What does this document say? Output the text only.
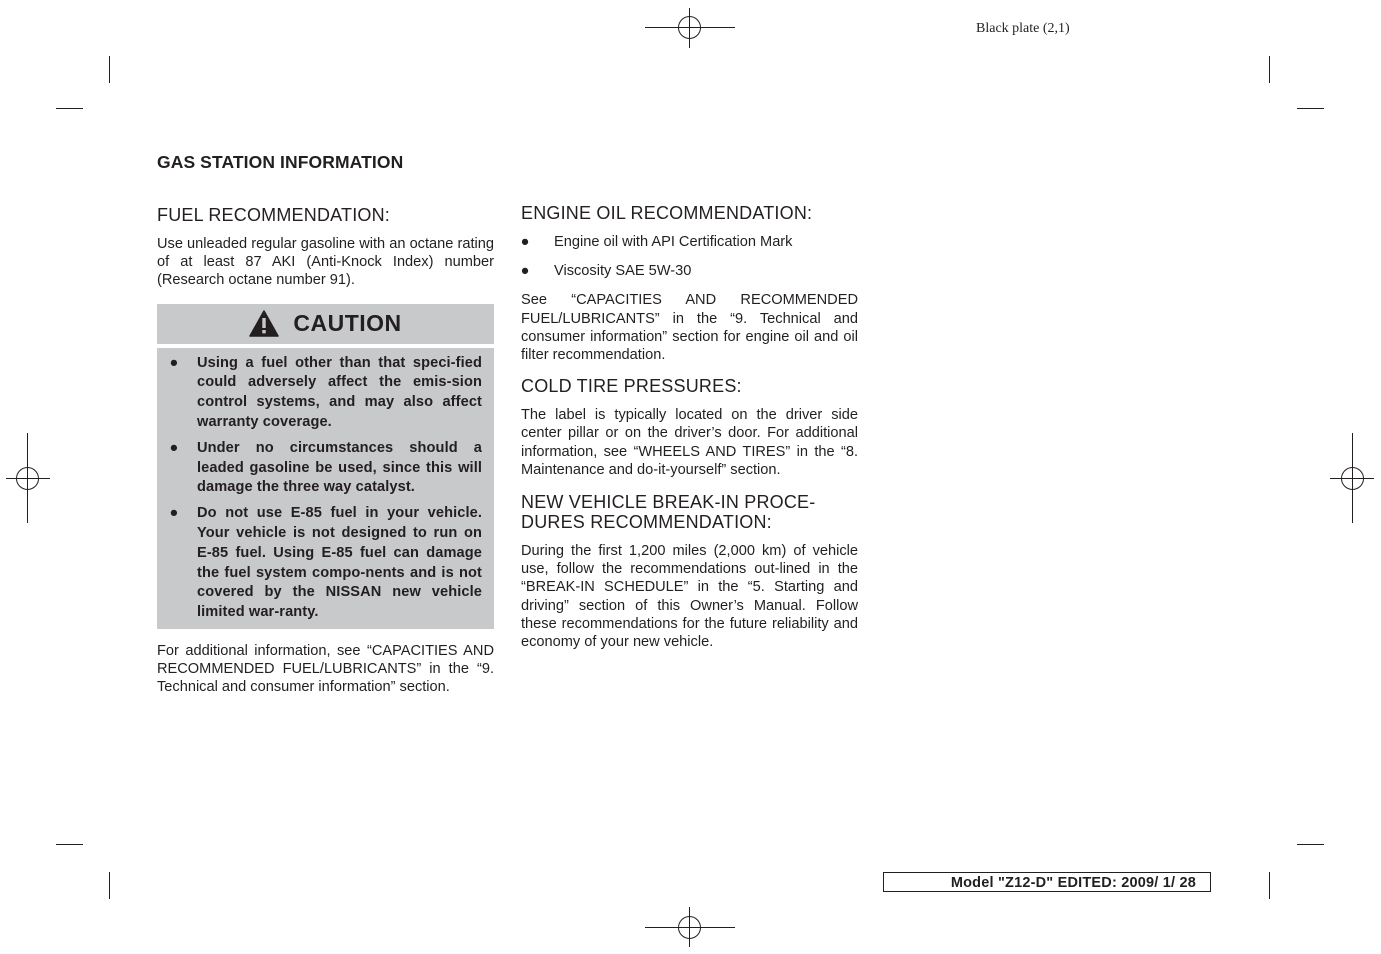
Black plate (2,1)
GAS STATION INFORMATION
FUEL RECOMMENDATION:

Use unleaded regular gasoline with an octane rating of at least 87 AKI (Anti-Knock Index) number (Research octane number 91).

CAUTION
● Using a fuel other than that speci-fied could adversely affect the emis-sion control systems, and may also affect warranty coverage.
● Under no circumstances should a leaded gasoline be used, since this will damage the three way catalyst.
● Do not use E-85 fuel in your vehicle. Your vehicle is not designed to run on E-85 fuel. Using E-85 fuel can damage the fuel system compo-nents and is not covered by the NISSAN new vehicle limited war-ranty.

For additional information, see “CAPACITIES AND RECOMMENDED FUEL/LUBRICANTS” in the “9. Technical and consumer information” section.

ENGINE OIL RECOMMENDATION:
● Engine oil with API Certification Mark
● Viscosity SAE 5W-30

See “CAPACITIES AND RECOMMENDED FUEL/LUBRICANTS” in the “9. Technical and consumer information” section for engine oil and oil filter recommendation.

COLD TIRE PRESSURES:

The label is typically located on the driver side center pillar or on the driver’s door. For additional information, see “WHEELS AND TIRES” in the “8. Maintenance and do-it-yourself” section.

NEW VEHICLE BREAK-IN PROCE-DURES RECOMMENDATION:

During the first 1,200 miles (2,000 km) of vehicle use, follow the recommendations out-lined in the “BREAK-IN SCHEDULE” in the “5. Starting and driving” section of this Owner’s Manual. Follow these recommendations for the future reliability and economy of your new vehicle.

Model "Z12-D" EDITED: 2009/ 1/ 28
